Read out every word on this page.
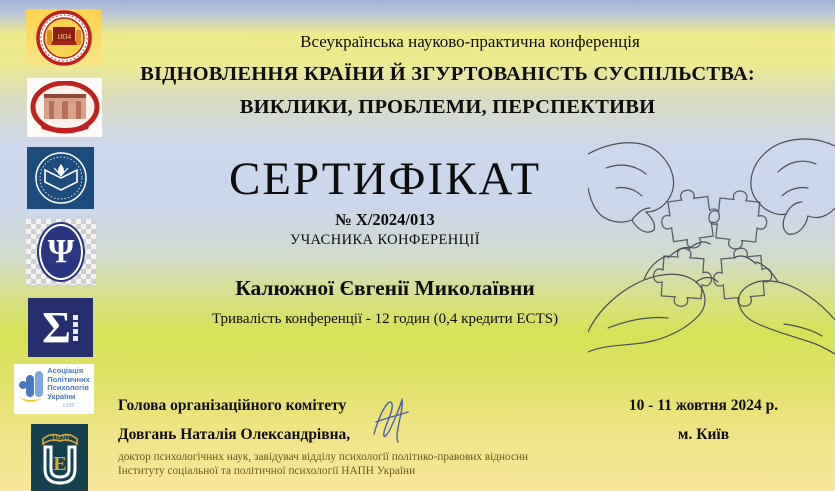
1834
Ψ
Σ
Асоціація
Політичних
Психологів
України
1995
1920
Е
Всеукраїнська науково-практична конференція
ВІДНОВЛЕННЯ КРАЇНИ Й ЗГУРТОВАНІСТЬ СУСПІЛЬСТВА:
ВИКЛИКИ, ПРОБЛЕМИ, ПЕРСПЕКТИВИ
СЕРТИФІКАТ
№ Х/2024/013
УЧАСНИКА КОНФЕРЕНЦІЇ
Калюжної Євгенії Миколаївни
Тривалість конференції - 12 годин (0,4 кредити ECTS)
Голова організаційного комітету
Довгань Наталія Олександрівна,
доктор психологічних наук, завідувач відділу психології політико-правових відносин
Інституту соціальної та політичної психології НАПН України
10 - 11 жовтня 2024 р.
м. Київ
